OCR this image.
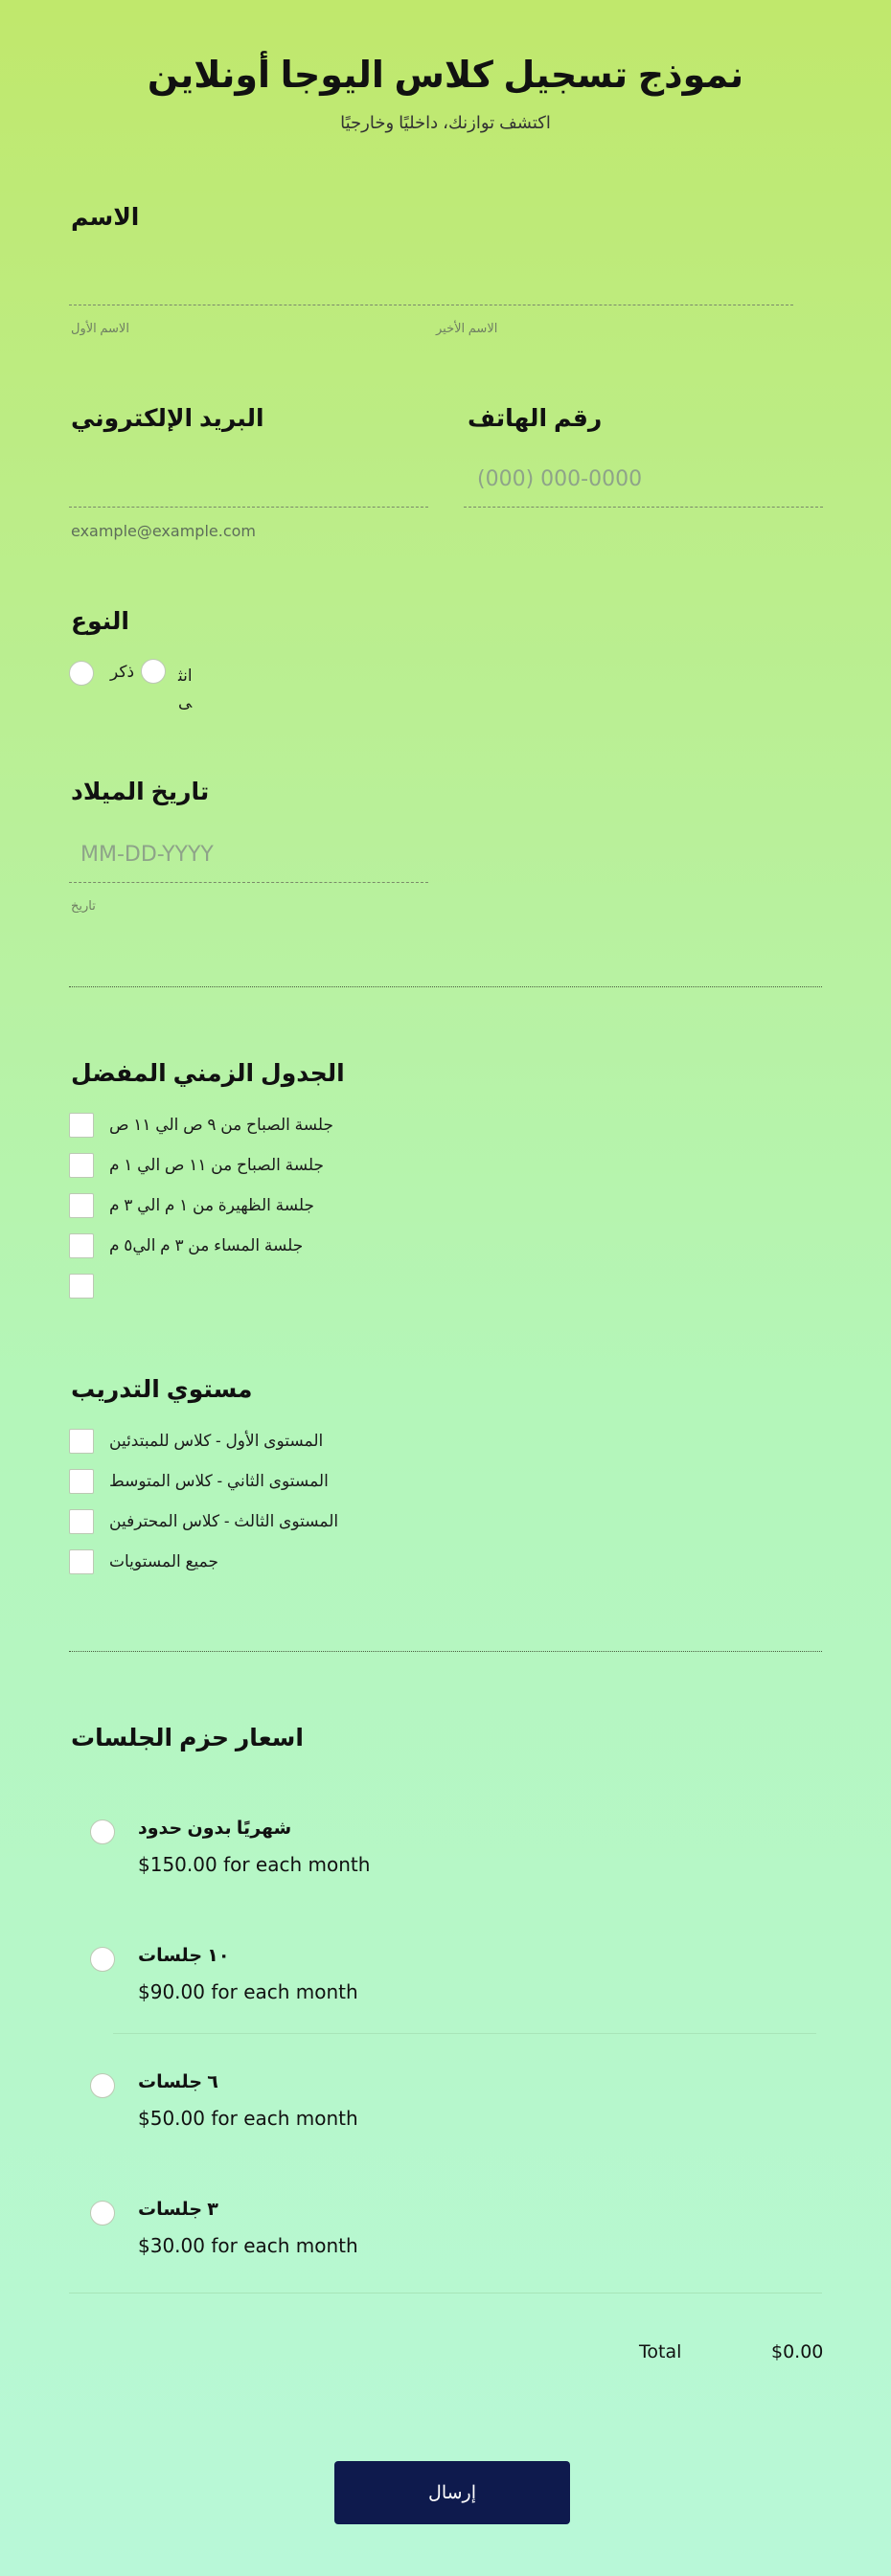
نموذج تسجيل كلاس اليوجا أونلاين
اكتشف توازنك، داخليًا وخارجيًا
الاسم
الاسم الأول	الاسم الأخير
البريد الإلكتروني
example@example.com
رقم الهاتف
(000) 000-0000
النوع
ذكر	انثى
تاريخ الميلاد
MM-DD-YYYY
تاريخ
الجدول الزمني المفضل
جلسة الصباح من ٩ ص الي ١١ ص
جلسة الصباح من ١١ ص الي ١ م
جلسة الظهيرة من ١ م الي ٣ م
جلسة المساء من ٣ م الي٥ م
مستوي التدريب
المستوى الأول - كلاس للمبتدئين
المستوى الثاني - كلاس المتوسط
المستوى الثالث - كلاس المحترفين
جميع المستويات
اسعار حزم الجلسات
شهريًا بدون حدود
$150.00 for each month
١٠ جلسات
$90.00 for each month
٦ جلسات
$50.00 for each month
٣ جلسات
$30.00 for each month
Total	$0.00
إرسال
